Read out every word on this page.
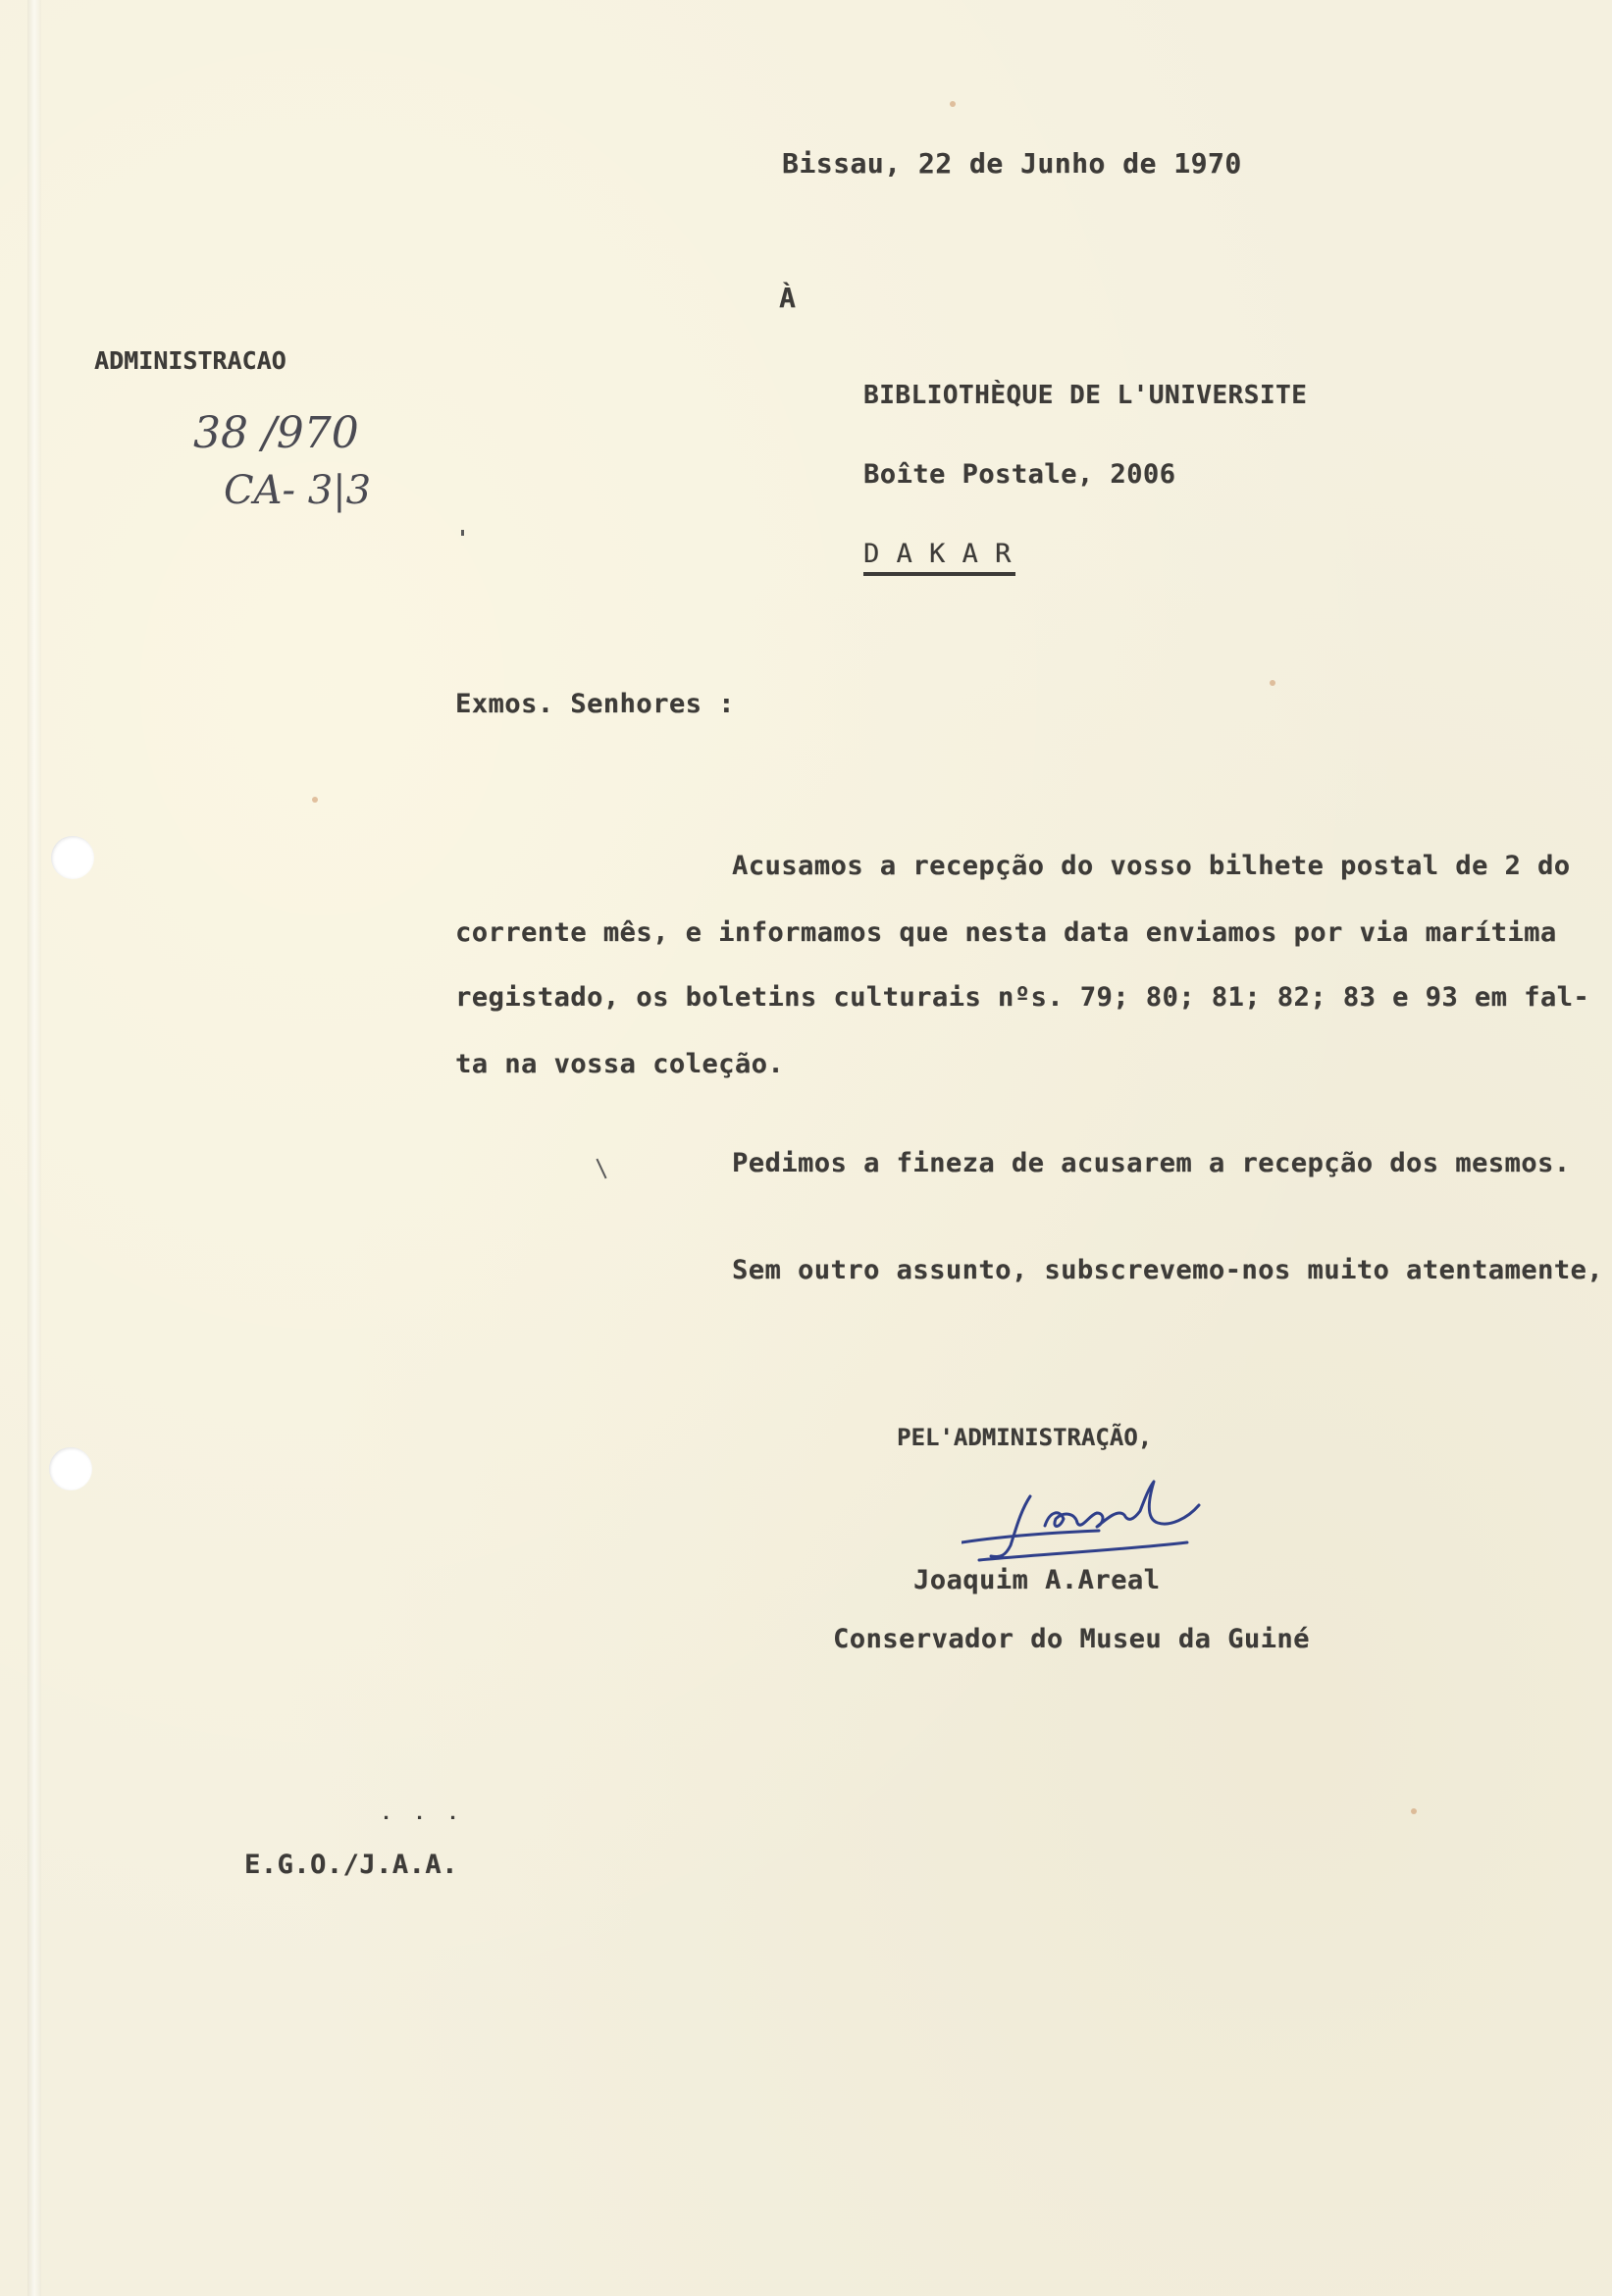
Bissau, 22 de Junho de 1970
À
ADMINISTRACAO
38 /970
CA- 3|3
BIBLIOTHÈQUE DE L'UNIVERSITE
Boîte Postale, 2006
D A K A R
Exmos. Senhores :
Acusamos a recepção do vosso bilhete postal de 2 do
corrente mês, e informamos que nesta data enviamos por via marítima
registado, os boletins culturais nºs. 79; 80; 81; 82; 83 e 93 em fal-
ta na vossa coleção.
Pedimos a fineza de acusarem a recepção dos mesmos.
Sem outro assunto, subscrevemo-nos muito atentamente,
PEL'ADMINISTRAÇÃO,
Joaquim A.Areal
Conservador do Museu da Guiné
.  .  .
E.G.O./J.A.A.
